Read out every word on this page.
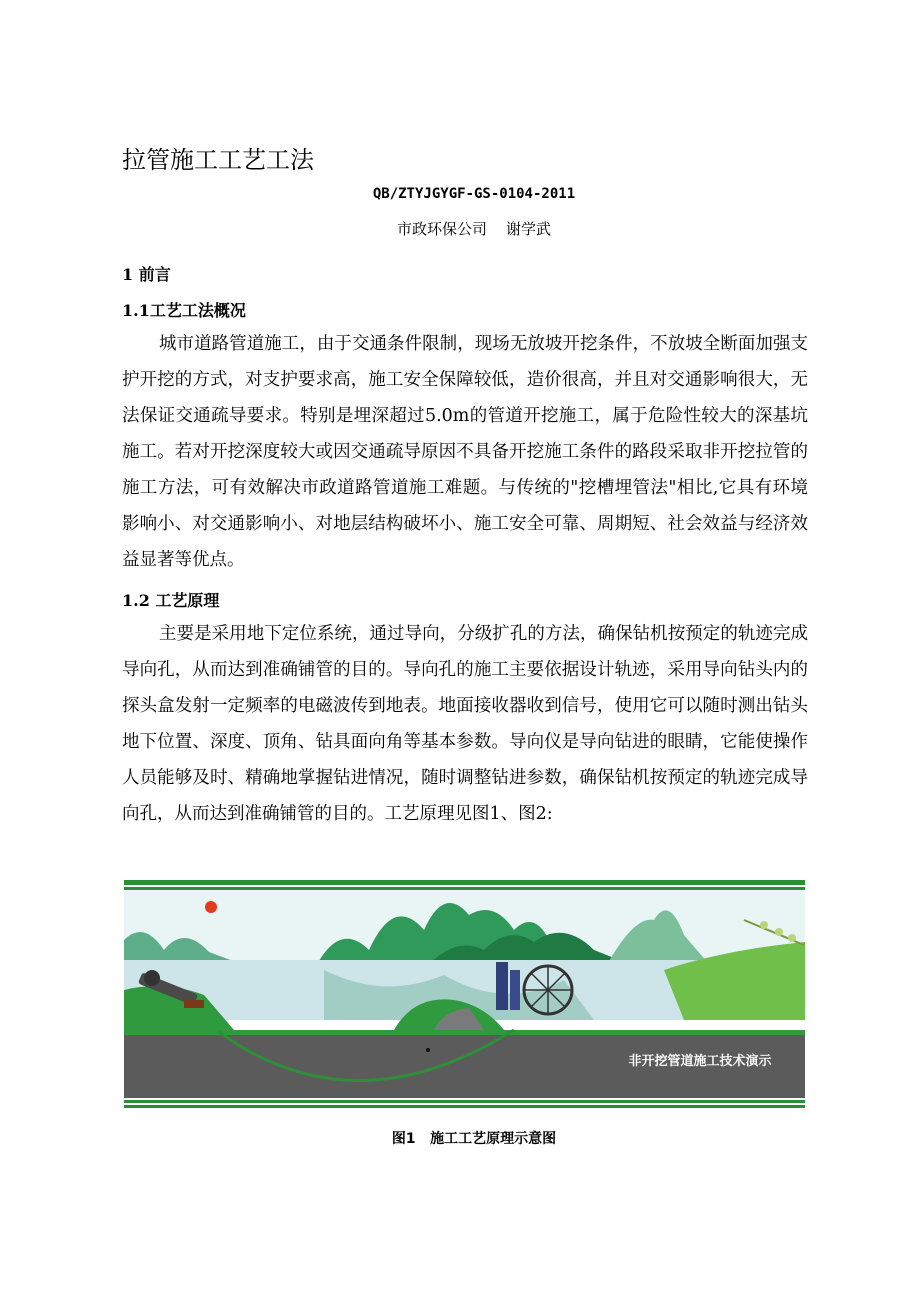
拉管施工工艺工法
QB/ZTYJGYGF-GS-0104-2011
市政环保公司    谢学武
1 前言
1.1工艺工法概况
城市道路管道施工，由于交通条件限制，现场无放坡开挖条件，不放坡全断面加强支护开挖的方式，对支护要求高，施工安全保障较低，造价很高，并且对交通影响很大，无法保证交通疏导要求。特别是埋深超过5.0m的管道开挖施工，属于危险性较大的深基坑施工。若对开挖深度较大或因交通疏导原因不具备开挖施工条件的路段采取非开挖拉管的施工方法，可有效解决市政道路管道施工难题。与传统的"挖槽埋管法"相比,它具有环境影响小、对交通影响小、对地层结构破坏小、施工安全可靠、周期短、社会效益与经济效益显著等优点。
1.2 工艺原理
主要是采用地下定位系统，通过导向，分级扩孔的方法，确保钻机按预定的轨迹完成导向孔，从而达到准确铺管的目的。导向孔的施工主要依据设计轨迹，采用导向钻头内的探头盒发射一定频率的电磁波传到地表。地面接收器收到信号，使用它可以随时测出钻头地下位置、深度、顶角、钻具面向角等基本参数。导向仪是导向钻进的眼睛，它能使操作人员能够及时、精确地掌握钻进情况，随时调整钻进参数，确保钻机按预定的轨迹完成导向孔，从而达到准确铺管的目的。工艺原理见图1、图2:
非开挖管道施工技术演示
图1   施工工艺原理示意图
